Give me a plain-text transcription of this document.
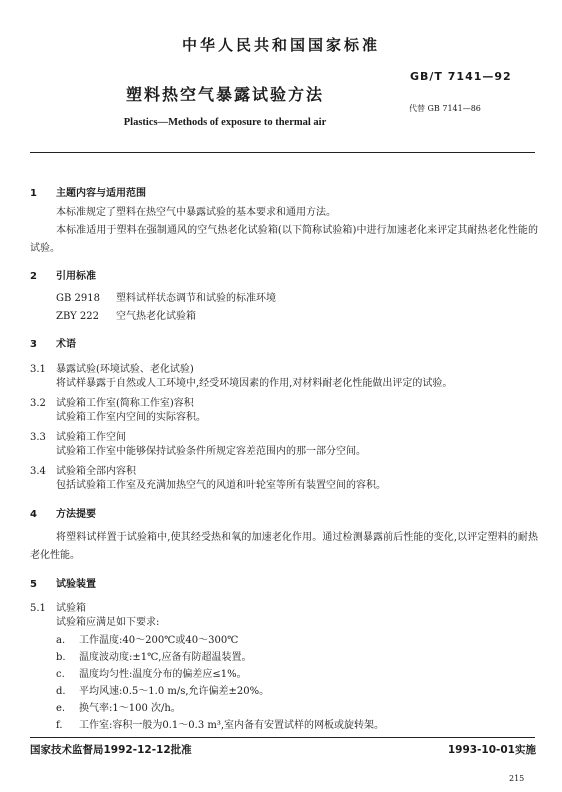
中华人民共和国国家标准
GB/T 7141—92
塑料热空气暴露试验方法
代替 GB 7141—86
Plastics—Methods of exposure to thermal air
1 主题内容与适用范围
本标准规定了塑料在热空气中暴露试验的基本要求和通用方法。
本标准适用于塑料在强制通风的空气热老化试验箱(以下简称试验箱)中进行加速老化来评定其耐热老化性能的试验。
2 引用标准
GB 2918 塑料试样状态调节和试验的标准环境
ZBY 222 空气热老化试验箱
3 术语
3.1 暴露试验(环境试验、老化试验)
将试样暴露于自然或人工环境中,经受环境因素的作用,对材料耐老化性能做出评定的试验。
3.2 试验箱工作室(简称工作室)容积
试验箱工作室内空间的实际容积。
3.3 试验箱工作空间
试验箱工作室中能够保持试验条件所规定容差范围内的那一部分空间。
3.4 试验箱全部内容积
包括试验箱工作室及充满加热空气的风道和叶轮室等所有装置空间的容积。
4 方法提要
将塑料试样置于试验箱中,使其经受热和氧的加速老化作用。通过检测暴露前后性能的变化,以评定塑料的耐热老化性能。
5 试验装置
5.1 试验箱
试验箱应满足如下要求:
a. 工作温度:40～200℃或40～300℃
b. 温度波动度:±1℃,应备有防超温装置。
c. 温度均匀性:温度分布的偏差应≤1%。
d. 平均风速:0.5～1.0 m/s,允许偏差±20%。
e. 换气率:1～100 次/h。
f. 工作室:容积一般为0.1～0.3 m³,室内备有安置试样的网板或旋转架。
国家技术监督局1992-12-12批准	1993-10-01实施
215
